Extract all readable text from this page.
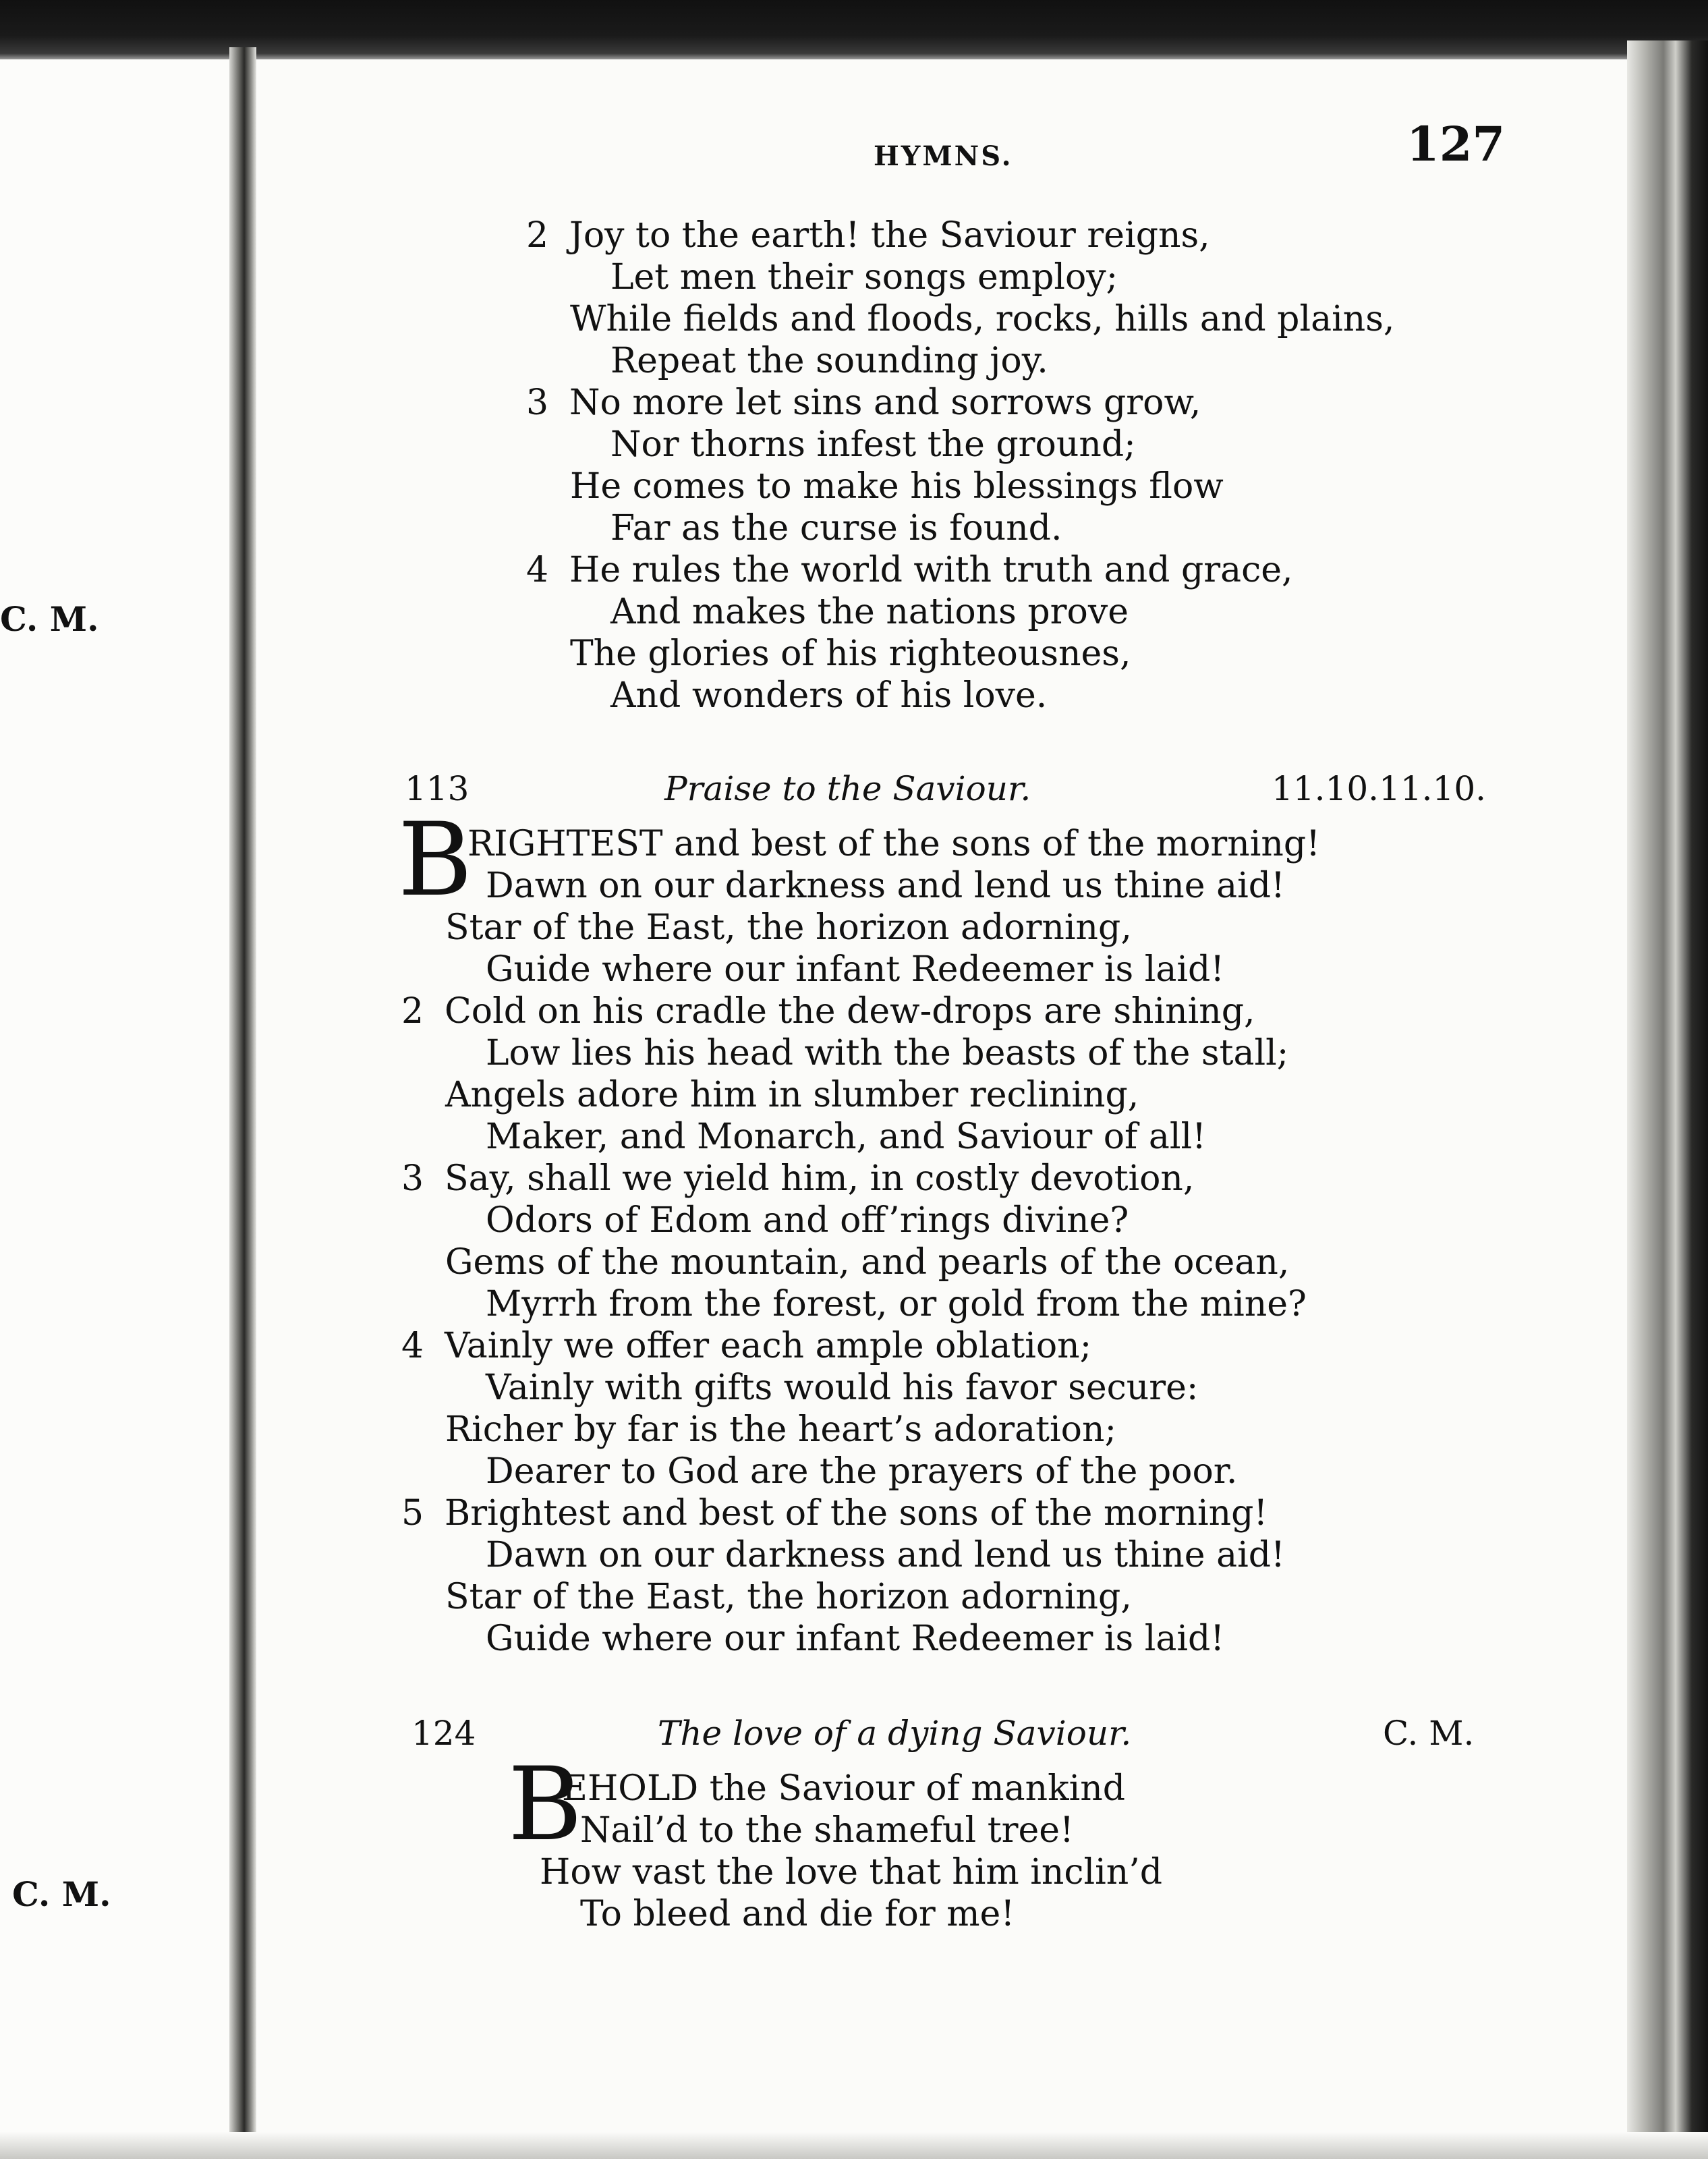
C. M.
C. M.
HYMNS.	127
2 Joy to the earth! the Saviour reigns,
Let men their songs employ;
While fields and floods, rocks, hills and plains,
Repeat the sounding joy.
3 No more let sins and sorrows grow,
Nor thorns infest the ground;
He comes to make his blessings flow
Far as the curse is found.
4 He rules the world with truth and grace,
And makes the nations prove
The glories of his righteousnes,
And wonders of his love.
113	Praise to the Saviour.	11.10.11.10.
B
RIGHTEST and best of the sons of the morning!
Dawn on our darkness and lend us thine aid!
Star of the East, the horizon adorning,
Guide where our infant Redeemer is laid!
2 Cold on his cradle the dew-drops are shining,
Low lies his head with the beasts of the stall;
Angels adore him in slumber reclining,
Maker, and Monarch, and Saviour of all!
3 Say, shall we yield him, in costly devotion,
Odors of Edom and off’rings divine?
Gems of the mountain, and pearls of the ocean,
Myrrh from the forest, or gold from the mine?
4 Vainly we offer each ample oblation;
Vainly with gifts would his favor secure:
Richer by far is the heart’s adoration;
Dearer to God are the prayers of the poor.
5 Brightest and best of the sons of the morning!
Dawn on our darkness and lend us thine aid!
Star of the East, the horizon adorning,
Guide where our infant Redeemer is laid!
124	The love of a dying Saviour.	C. M.
B
EHOLD the Saviour of mankind
Nail’d to the shameful tree!
How vast the love that him inclin’d
To bleed and die for me!
